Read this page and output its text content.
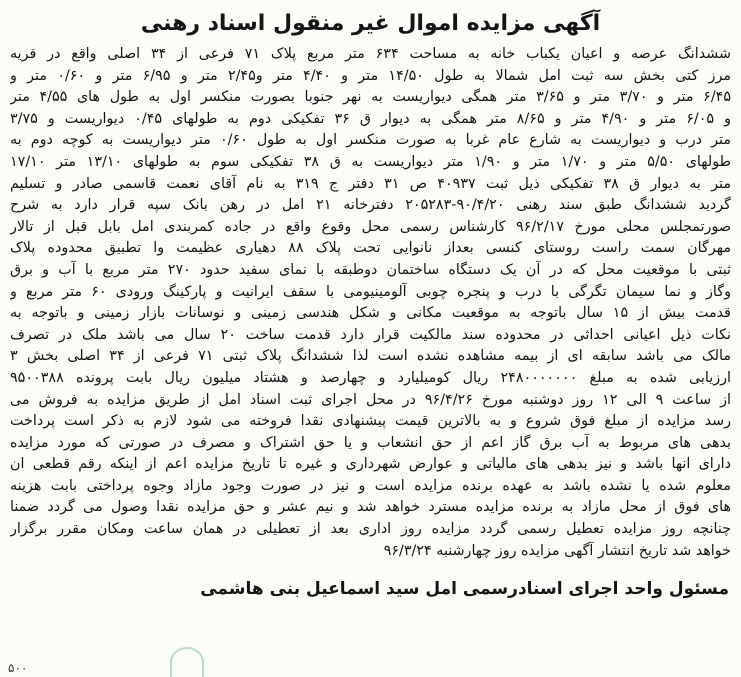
آگهی مزایده اموال غیر منقول اسناد رهنی
ششدانگ عرصه و اعیان یکباب خانه به مساحت ۶۳۴ متر مربع پلاک ۷۱ فرعی از ۳۴ اصلی واقع در قریه
مرز کتی بخش سه ثبت امل شمالا به طول ۱۴/۵۰ متر و ۴/۴۰ متر و۲/۴۵ متر و ۶/۹۵ متر و ۰/۶۰ متر و
۶/۴۵ متر و ۳/۷۰ متر و ۳/۶۵ متر همگی دیواریست به نهر جنوبا بصورت منکسر اول به طول های ۴/۵۵ متر
و ۶/۰۵ متر و ۴/۹۰ متر و ۸/۶۵ متر همگی به دیوار ق ۳۶ تفکیکی دوم به طولهای ۰/۴۵ دیواریست و ۳/۷۵
متر درب و دیواریست به شارع عام غربا به صورت منکسر اول به طول ۰/۶۰ متر دیواریست به کوچه دوم به
طولهای ۵/۵۰ متر و ۱/۷۰ متر و ۱/۹۰ متر دیواریست به ق ۳۸ تفکیکی سوم به طولهای ۱۳/۱۰ متر ۱۷/۱۰
متر به دیوار ق ۳۸ تفکیکی ذیل ثبت ۴۰۹۳۷ ص ۳۱ دفتر ج ۳۱۹ به نام آقای نعمت قاسمی صادر و تسلیم
گردید ششدانگ طبق سند رهنی ۹۰/۴/۲۰-۲۰۵۲۸۳ دفترخانه ۲۱ امل در رهن بانک سپه قرار دارد به شرح
صورتمجلس محلی مورخ ۹۶/۲/۱۷ کارشناس رسمی محل وقوع واقع در جاده کمربندی امل بابل قبل از تالار
مهرگان سمت راست روستای کنسی بعداز نانوایی تحت پلاک ۸۸ دهیاری عظیمت وا تطبیق محدوده پلاک
ثبتی با موقعیت محل که در آن یک دستگاه ساختمان دوطبقه با نمای سفید حدود ۲۷۰ متر مربع با آب و برق
وگاز و نما سیمان تگرگی با درب و پنجره چوبی آلومینیومی با سقف ایرانیت و پارکینگ ورودی ۶۰ متر مربع و
قدمت بیش از ۱۵ سال باتوجه به موقعیت مکانی و شکل هندسی زمینی و نوسانات بازار زمینی و باتوجه به
نکات ذیل اعیانی احداثی در محدوده سند مالکیت قرار دارد قدمت ساخت ۲۰ سال می باشد ملک در تصرف
مالک می باشد سابقه ای از بیمه مشاهده نشده است لذا ششدانگ پلاک ثبتی ۷۱ فرعی از ۳۴ اصلی بخش ۳
ارزیابی شده به مبلغ ۲۴۸۰۰۰۰۰۰۰ ریال کومیلیارد و چهارصد و هشتاد میلیون ریال بابت پرونده ۹۵۰۰۳۸۸
از ساعت ۹ الی ۱۲ روز دوشنبه مورخ ۹۶/۴/۲۶ در محل اجرای ثبت اسناد امل از طریق مزایده به فروش می
رسد مزایده از مبلغ فوق شروع و به بالاترین قیمت پیشنهادی نقدا فروخته می شود لازم به ذکر است پرداخت
بدهی های مربوط به آب برق گاز اعم از حق انشعاب و یا حق اشتراک و مصرف در صورتی که مورد مزایده
دارای انها باشد و نیز بدهی های مالیاتی و عوارض شهرداری و غیره تا تاریخ مزایده اعم از اینکه رقم قطعی ان
معلوم شده یا نشده باشد به عهده برنده مزایده است و نیز در صورت وجود مازاد وجوه پرداختی بابت هزینه
های فوق از محل مازاد به برنده مزایده مسترد خواهد شد و نیم عشر و حق مزایده نقدا وصول می گردد ضمنا
چنانچه روز مزایده تعطیل رسمی گردد مزایده روز اداری بعد از تعطیلی در همان ساعت ومکان مقرر برگزار
خواهد شد تاریخ انتشار آگهی مزایده روز چهارشنبه ۹۶/۳/۲۴
مسئول واحد اجرای اسنادرسمی امل سید اسماعیل بنی هاشمی
۵۰۰
